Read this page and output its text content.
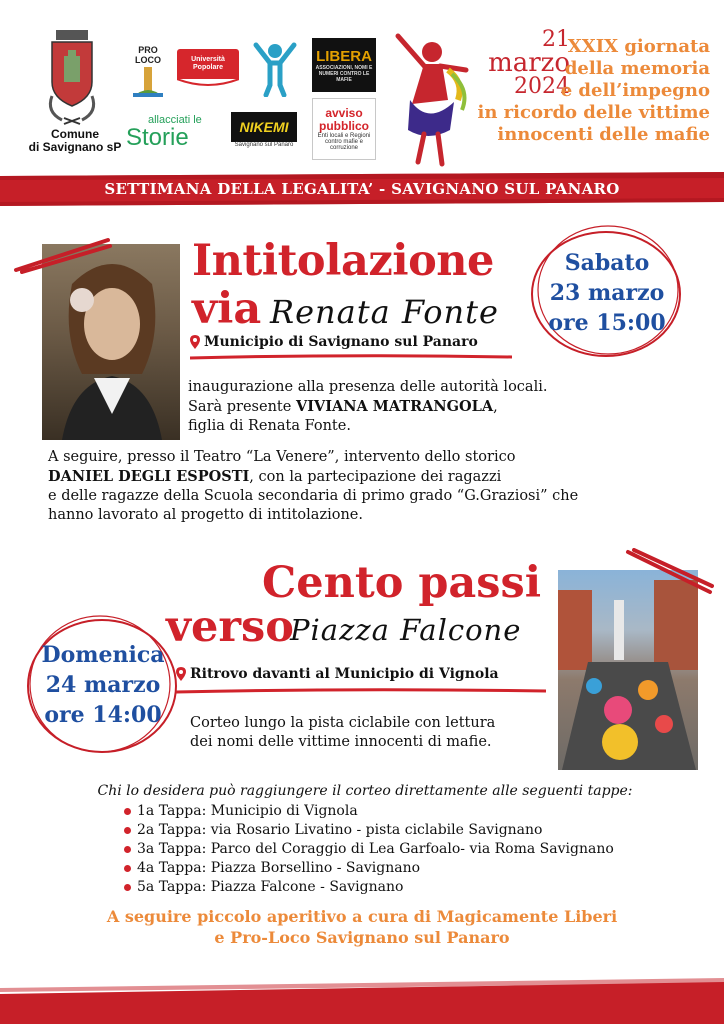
Comune
di Savignano sP
PRO LOCO	Università Popolare
LIBERA
ASSOCIAZIONI, NOMI E NUMERI CONTRO LE MAFIE
allacciati le
Storie	NIKEMI
Savignano sul Panaro
avviso
pubblico
Enti locali e Regioni contro mafie e corruzione
21
marzo
2024
XXIX giornata
della memoria
e dell’impegno
in ricordo delle vittime
innocenti delle mafie
SETTIMANA DELLA LEGALITA’ - SAVIGNANO SUL PANARO
Intitolazione
via Renata Fonte
Municipio di Savignano sul Panaro
Sabato
23 marzo
ore 15:00
inaugurazione alla presenza delle autorità locali.
Sarà presente VIVIANA MATRANGOLA,
figlia di Renata Fonte.
A seguire, presso il Teatro “La Venere”, intervento dello storico
DANIEL DEGLI ESPOSTI, con la partecipazione dei ragazzi
e delle ragazze della Scuola secondaria di primo grado “G.Graziosi” che
hanno lavorato al progetto di intitolazione.
Cento passi
verso
Piazza Falcone
Domenica
24 marzo
ore 14:00
Ritrovo davanti al Municipio di Vignola
Corteo lungo la pista ciclabile con lettura
dei nomi delle vittime innocenti di mafie.
Chi lo desidera può raggiungere il corteo direttamente alle seguenti tappe:
1a Tappa: Municipio di Vignola
2a Tappa: via Rosario Livatino - pista ciclabile Savignano
3a Tappa: Parco del Coraggio di Lea Garfoalo- via Roma Savignano
4a Tappa: Piazza Borsellino - Savignano
5a Tappa: Piazza Falcone - Savignano
A seguire piccolo aperitivo a cura di Magicamente Liberi
e Pro-Loco Savignano sul Panaro
